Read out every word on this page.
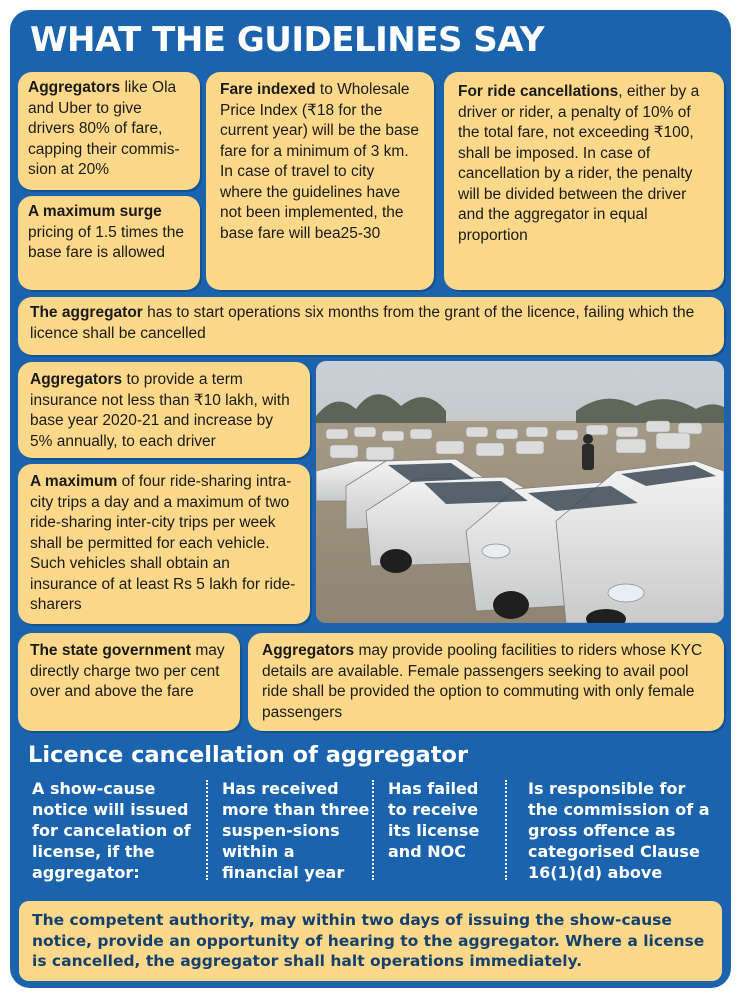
WHAT THE GUIDELINES SAY
Aggregators like Ola and Uber to give drivers 80% of fare, capping their commis-sion at 20%
A maximum surge pricing of 1.5 times the base fare is allowed
Fare indexed to Wholesale Price Index (₹18 for the current year) will be the base fare for a minimum of 3 km. In case of travel to city where the guidelines have not been implemented, the base fare will bea25-30
For ride cancellations, either by a driver or rider, a penalty of 10% of the total fare, not exceeding ₹100, shall be imposed. In case of cancellation by a rider, the penalty will be divided between the driver and the aggregator in equal proportion
The aggregator has to start operations six months from the grant of the licence, failing which the licence shall be cancelled
Aggregators to provide a term insurance not less than ₹10 lakh, with base year 2020-21 and increase by 5% annually, to each driver
A maximum of four ride-sharing intra-city trips a day and a maximum of two ride-sharing inter-city trips per week shall be permitted for each vehicle. Such vehicles shall obtain an insurance of at least Rs 5 lakh for ride-sharers
The state government may directly charge two per cent over and above the fare
Aggregators may provide pooling facilities to riders whose KYC details are available. Female passengers seeking to avail pool ride shall be provided the option to commuting with only female passengers
Licence cancellation of aggregator
A show-cause notice will issued for cancelation of license, if the aggregator:
Has received more than three suspen-sions within a financial year
Has failed to receive its license and NOC
Is responsible for the commission of a gross offence as categorised Clause 16(1)(d) above
The competent authority, may within two days of issuing the show-cause notice, provide an opportunity of hearing to the aggregator. Where a license is cancelled, the aggregator shall halt operations immediately.
